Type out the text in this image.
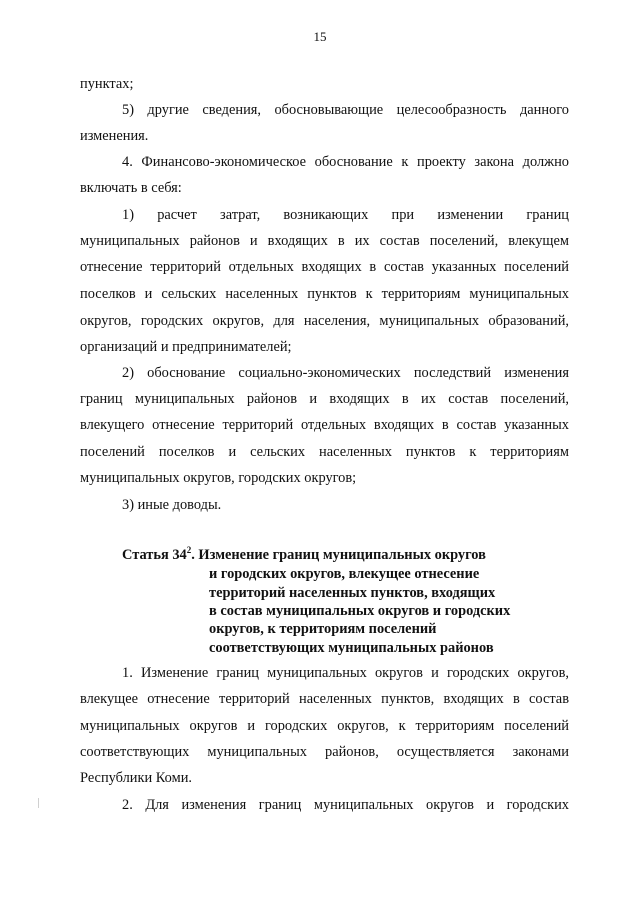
15
пунктах;
5) другие сведения, обосновывающие целесообразность данного
изменения.
4. Финансово-экономическое обоснование к проекту закона должно
включать в себя:
1) расчет затрат, возникающих при изменении границ
муниципальных районов и входящих в их состав поселений, влекущем
отнесение территорий отдельных входящих в состав указанных поселений
поселков и сельских населенных пунктов к территориям муниципальных
округов, городских округов, для населения, муниципальных образований,
организаций и предпринимателей;
2) обоснование социально-экономических последствий изменения
границ муниципальных районов и входящих в их состав поселений,
влекущего отнесение территорий отдельных входящих в состав указанных
поселений поселков и сельских населенных пунктов к территориям
муниципальных округов, городских округов;
3) иные доводы.
Статья $34^2$. Изменение границ муниципальных округов
и городских округов, влекущее отнесение
территорий населенных пунктов, входящих
в состав муниципальных округов и городских
округов, к территориям поселений
соответствующих муниципальных районов
1. Изменение границ муниципальных округов и городских округов,
влекущее отнесение территорий населенных пунктов, входящих в состав
муниципальных округов и городских округов, к территориям поселений
соответствующих муниципальных районов, осуществляется законами
Республики Коми.
2. Для изменения границ муниципальных округов и городских
